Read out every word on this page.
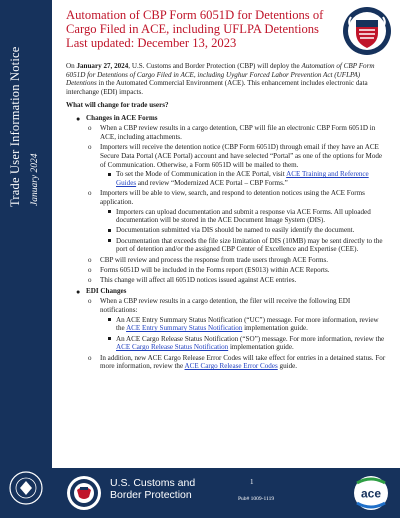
Trade User Information Notice January 2024
Automation of CBP Form 6051D for Detentions of
Cargo Filed in ACE, including UFLPA Detentions
Last updated: December 13, 2023

On January 27, 2024, U.S. Customs and Border Protection (CBP) will deploy the Automation of CBP Form 6051D for Detentions of Cargo Filed in ACE, including Uyghur Forced Labor Prevention Act (UFLPA) Detentions in the Automated Commercial Environment (ACE). This enhancement includes electronic data interchange (EDI) impacts.

What will change for trade users?

● Changes in ACE Forms
o When a CBP review results in a cargo detention, CBP will file an electronic CBP Form 6051D in ACE, including attachments.
o Importers will receive the detention notice (CBP Form 6051D) through email if they have an ACE Secure Data Portal (ACE Portal) account and have selected “Portal” as one of the options for Mode of Communication. Otherwise, a Form 6051D will be mailed to them.
To set the Mode of Communication in the ACE Portal, visit ACE Training and Reference Guides and review “Modernized ACE Portal – CBP Forms.”
o Importers will be able to view, search, and respond to detention notices using the ACE Forms application.
Importers can upload documentation and submit a response via ACE Forms. All uploaded documentation will be stored in the ACE Document Image System (DIS).
Documentation submitted via DIS should be named to easily identify the document.
Documentation that exceeds the file size limitation of DIS (10MB) may be sent directly to the port of detention and/or the assigned CBP Center of Excellence and Expertise (CEE).
o CBP will review and process the response from trade users through ACE Forms.
o Forms 6051D will be included in the Forms report (ES013) within ACE Reports.
o This change will affect all 6051D notices issued against ACE entries.
● EDI Changes
o When a CBP review results in a cargo detention, the filer will receive the following EDI notifications:
An ACE Entry Summary Status Notification (“UC”) message. For more information, review the ACE Entry Summary Status Notification implementation guide.
An ACE Cargo Release Status Notification (“SO”) message. For more information, review the ACE Cargo Release Status Notification implementation guide.
o In addition, new ACE Cargo Release Error Codes will take effect for entries in a detained status. For more information, review the ACE Cargo Release Error Codes guide.
U.S. Customs and
Border Protection
1
Pub# 1009-1119	ace
